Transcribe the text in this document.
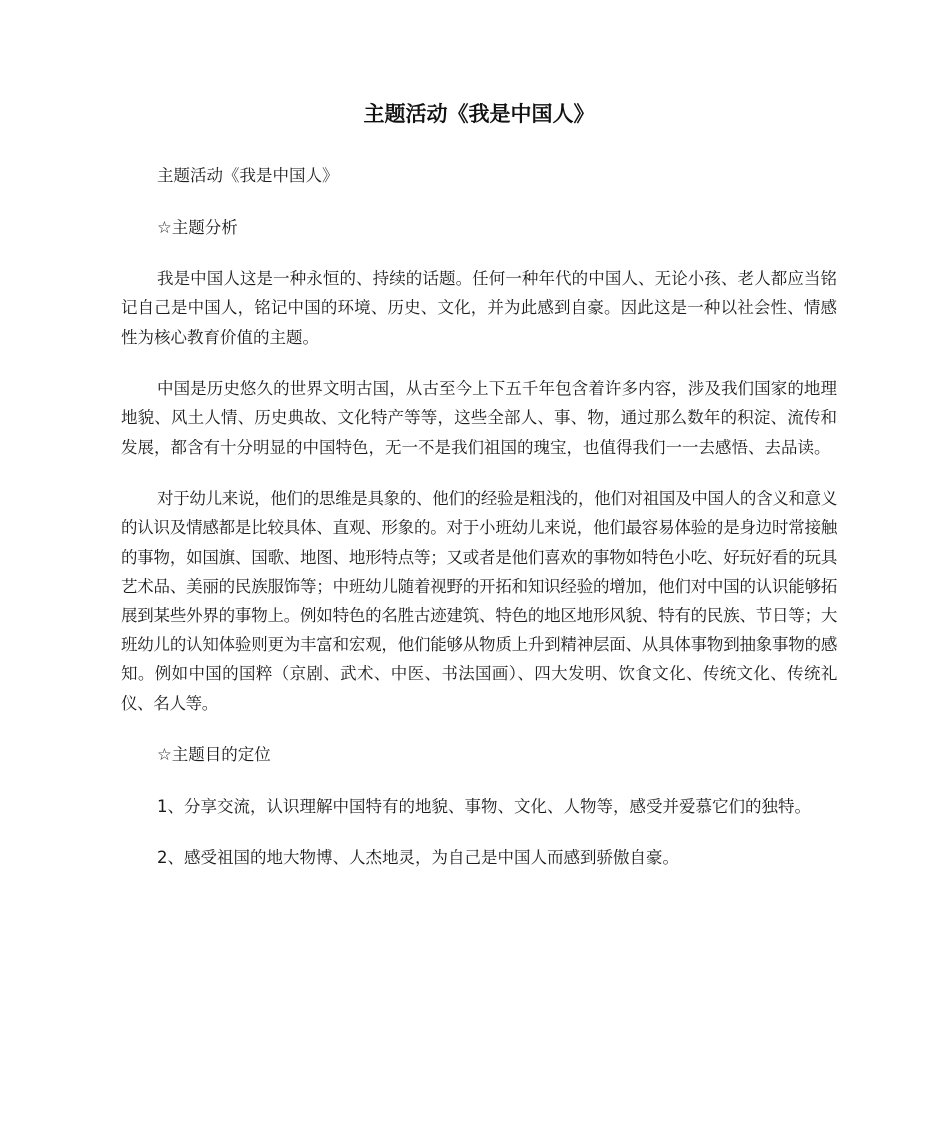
主题活动《我是中国人》

主题活动《我是中国人》

☆主题分析

我是中国人这是一种永恒的、持续的话题。任何一种年代的中国人、无论小孩、老人都应当铭记自己是中国人，铭记中国的环境、历史、文化，并为此感到自豪。因此这是一种以社会性、情感性为核心教育价值的主题。

中国是历史悠久的世界文明古国，从古至今上下五千年包含着许多内容，涉及我们国家的地理地貌、风土人情、历史典故、文化特产等等，这些全部人、事、物，通过那么数年的积淀、流传和发展，都含有十分明显的中国特色，无一不是我们祖国的瑰宝，也值得我们一一去感悟、去品读。

对于幼儿来说，他们的思维是具象的、他们的经验是粗浅的，他们对祖国及中国人的含义和意义的认识及情感都是比较具体、直观、形象的。对于小班幼儿来说，他们最容易体验的是身边时常接触的事物，如国旗、国歌、地图、地形特点等；又或者是他们喜欢的事物如特色小吃、好玩好看的玩具艺术品、美丽的民族服饰等；中班幼儿随着视野的开拓和知识经验的增加，他们对中国的认识能够拓展到某些外界的事物上。例如特色的名胜古迹建筑、特色的地区地形风貌、特有的民族、节日等；大班幼儿的认知体验则更为丰富和宏观，他们能够从物质上升到精神层面、从具体事物到抽象事物的感知。例如中国的国粹（京剧、武术、中医、书法国画）、四大发明、饮食文化、传统文化、传统礼仪、名人等。

☆主题目的定位

1、分享交流，认识理解中国特有的地貌、事物、文化、人物等，感受并爱慕它们的独特。

2、感受祖国的地大物博、人杰地灵，为自己是中国人而感到骄傲自豪。
